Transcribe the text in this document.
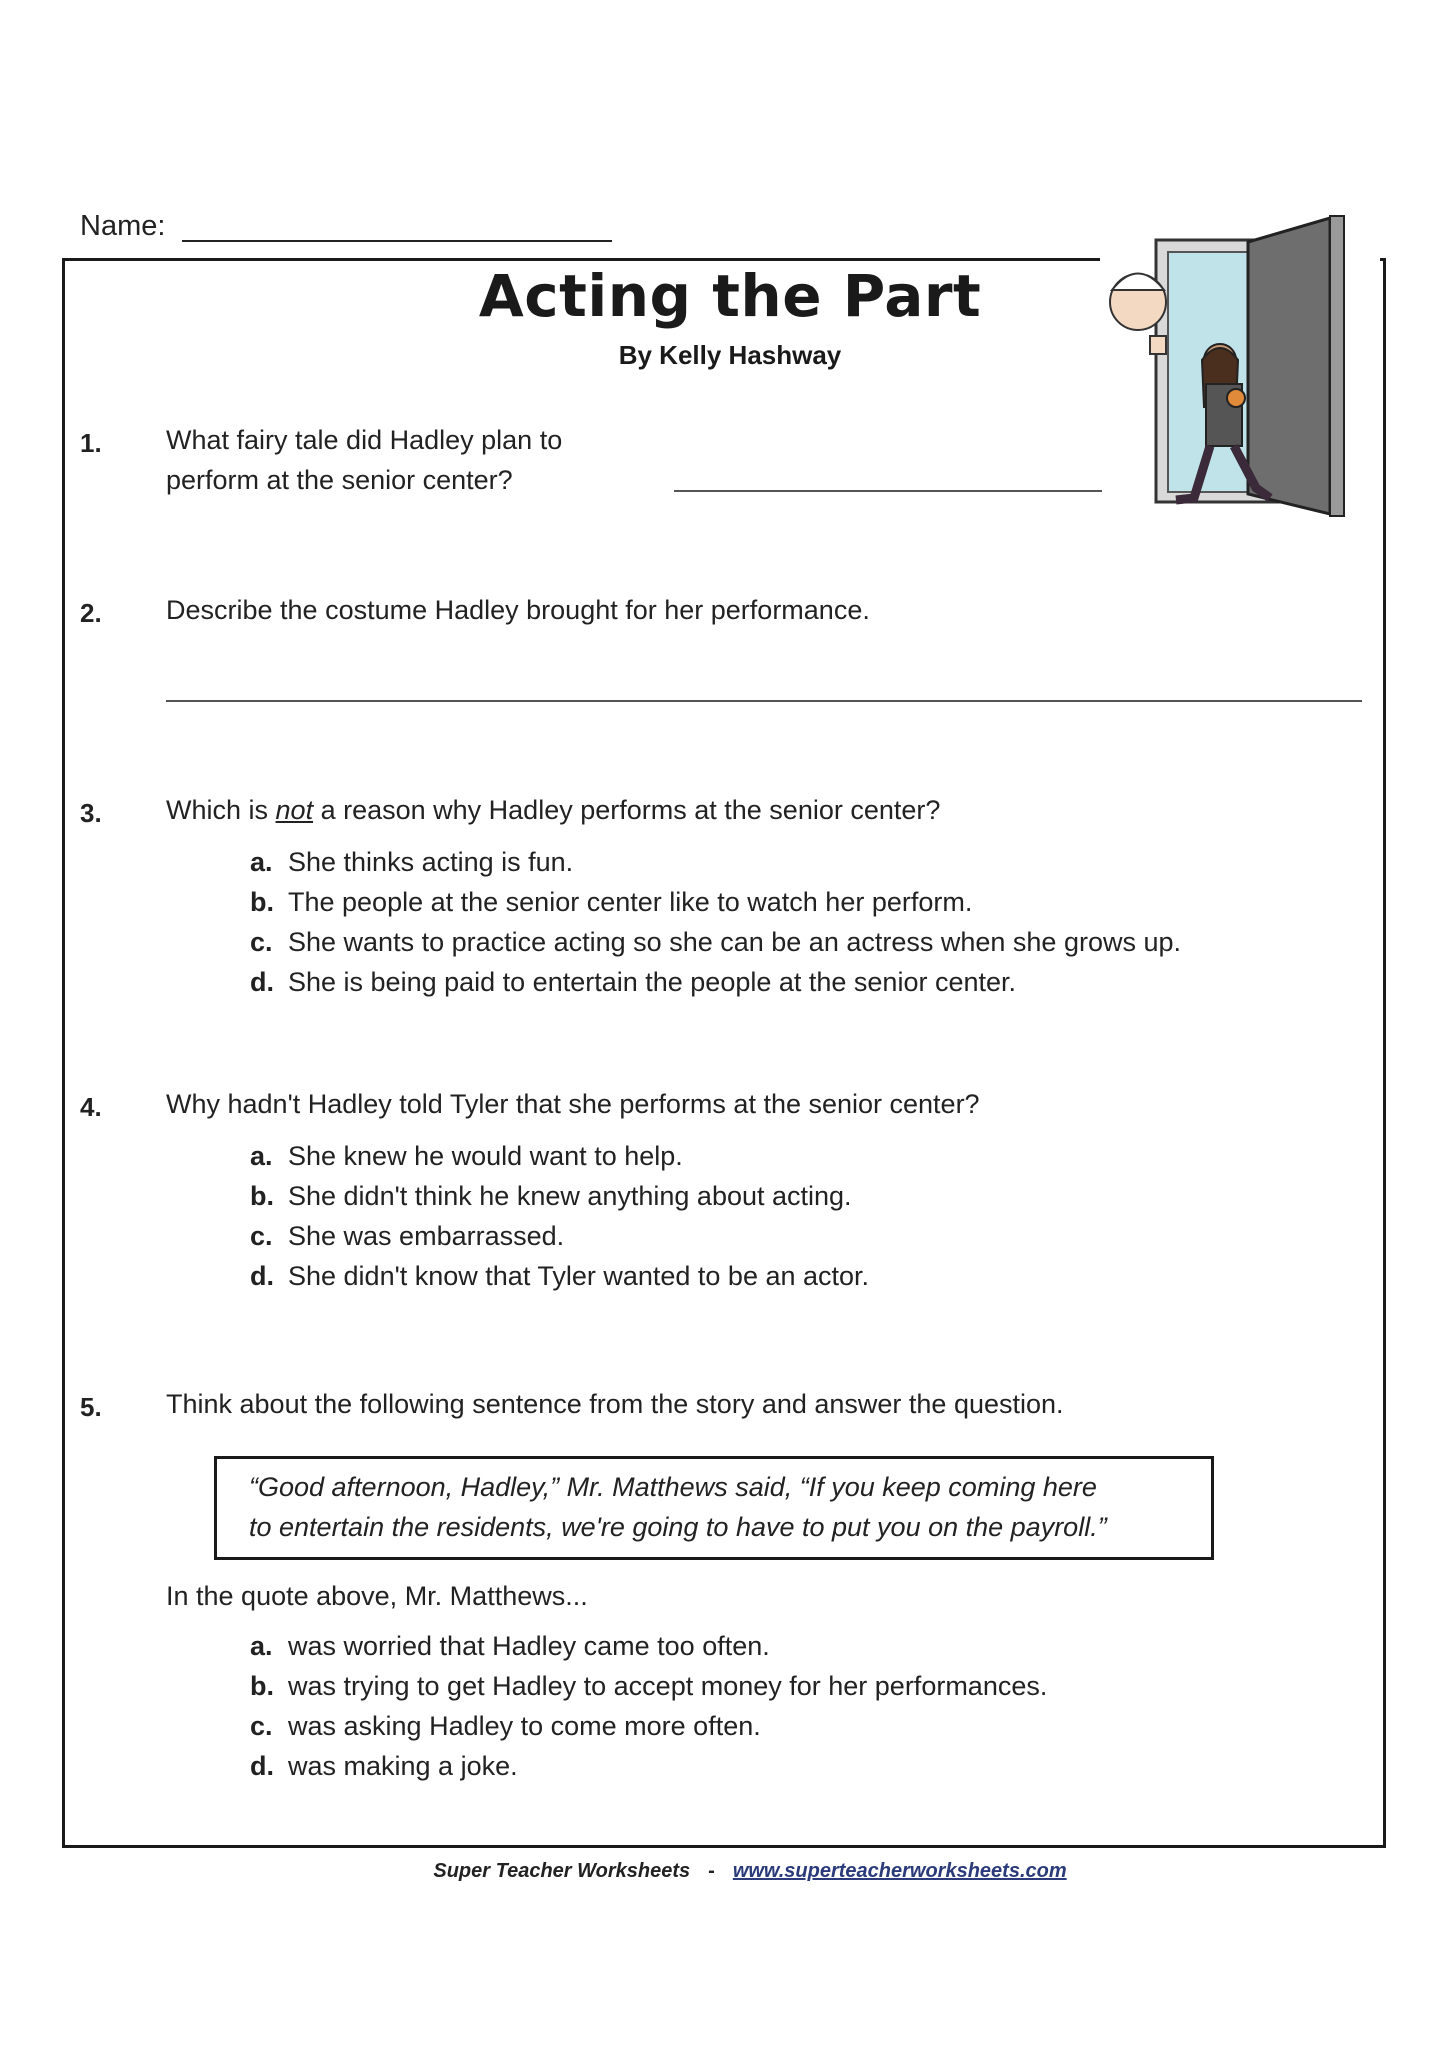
Name:
Acting the Part
By Kelly Hashway
1. What fairy tale did Hadley plan to
perform at the senior center?
2. Describe the costume Hadley brought for her performance.
3. Which is not a reason why Hadley performs at the senior center?
a. She thinks acting is fun.
b. The people at the senior center like to watch her perform.
c. She wants to practice acting so she can be an actress when she grows up.
d. She is being paid to entertain the people at the senior center.
4. Why hadn't Hadley told Tyler that she performs at the senior center?
a. She knew he would want to help.
b. She didn't think he knew anything about acting.
c. She was embarrassed.
d. She didn't know that Tyler wanted to be an actor.
5. Think about the following sentence from the story and answer the question.
“Good afternoon, Hadley,” Mr. Matthews said, “If you keep coming here
to entertain the residents, we're going to have to put you on the payroll.”
In the quote above, Mr. Matthews...
a. was worried that Hadley came too often.
b. was trying to get Hadley to accept money for her performances.
c. was asking Hadley to come more often.
d. was making a joke.
Super Teacher Worksheets - www.superteacherworksheets.com
